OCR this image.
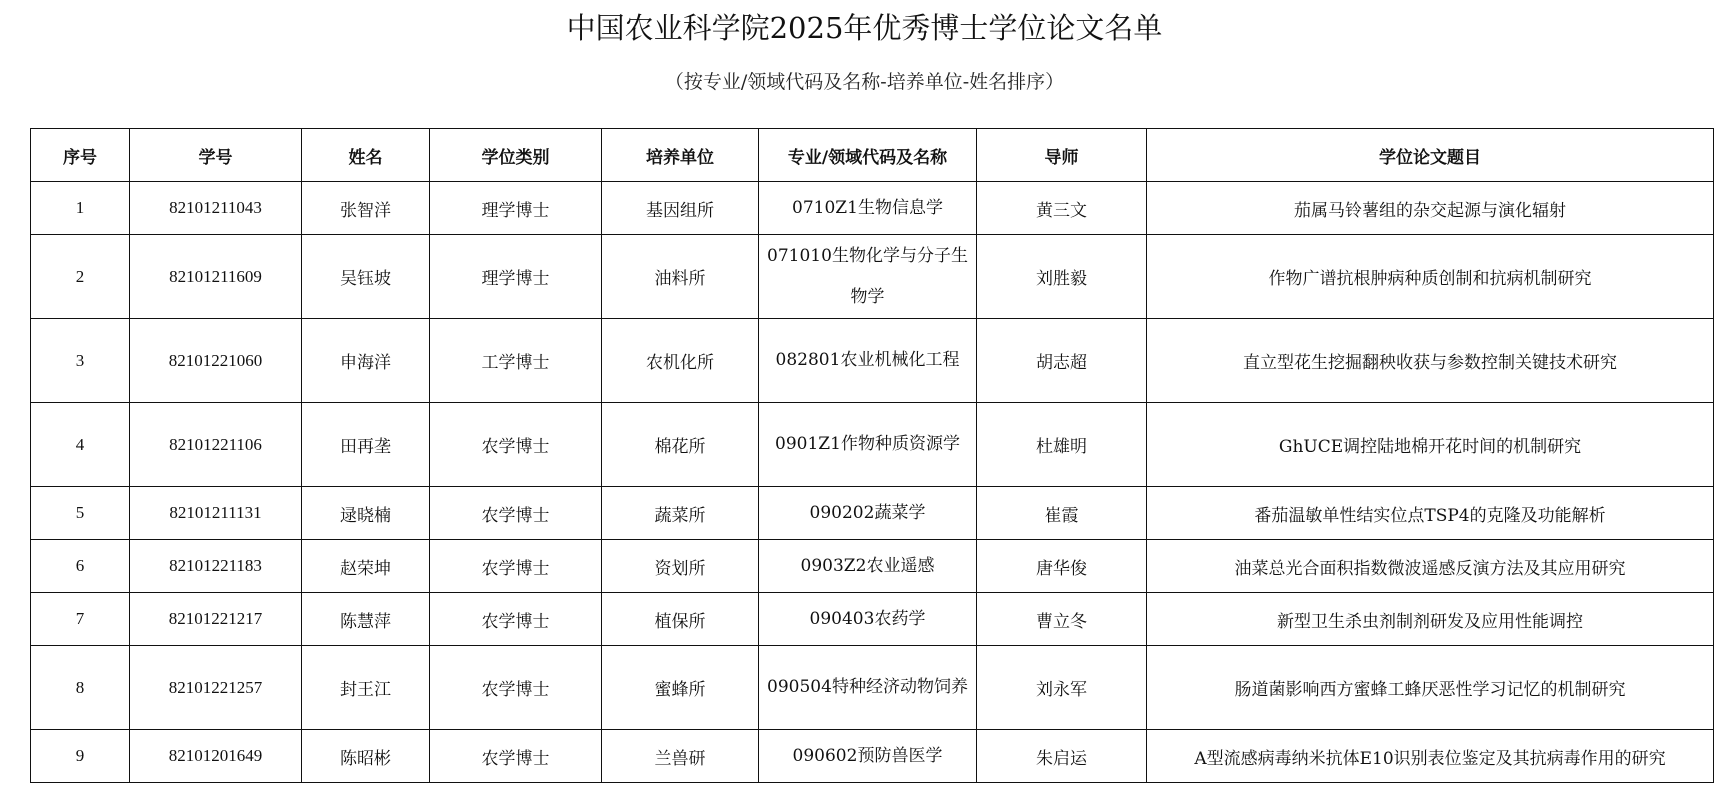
中国农业科学院2025年优秀博士学位论文名单
（按专业/领域代码及名称-培养单位-姓名排序）
序号	学号	姓名	学位类别	培养单位	专业/领域代码及名称	导师	学位论文题目
1	82101211043	张智洋	理学博士	基因组所	0710Z1生物信息学	黄三文	茄属马铃薯组的杂交起源与演化辐射
2	82101211609	吴钰坡	理学博士	油料所	071010生物化学与分子生物学	刘胜毅	作物广谱抗根肿病种质创制和抗病机制研究
3	82101221060	申海洋	工学博士	农机化所	082801农业机械化工程	胡志超	直立型花生挖掘翻秧收获与参数控制关键技术研究
4	82101221106	田再垄	农学博士	棉花所	0901Z1作物种质资源学	杜雄明	GhUCE调控陆地棉开花时间的机制研究
5	82101211131	逯晓楠	农学博士	蔬菜所	090202蔬菜学	崔霞	番茄温敏单性结实位点TSP4的克隆及功能解析
6	82101221183	赵荣坤	农学博士	资划所	0903Z2农业遥感	唐华俊	油菜总光合面积指数微波遥感反演方法及其应用研究
7	82101221217	陈慧萍	农学博士	植保所	090403农药学	曹立冬	新型卫生杀虫剂制剂研发及应用性能调控
8	82101221257	封王江	农学博士	蜜蜂所	090504特种经济动物饲养	刘永军	肠道菌影响西方蜜蜂工蜂厌恶性学习记忆的机制研究
9	82101201649	陈昭彬	农学博士	兰兽研	090602预防兽医学	朱启运	A型流感病毒纳米抗体E10识别表位鉴定及其抗病毒作用的研究
